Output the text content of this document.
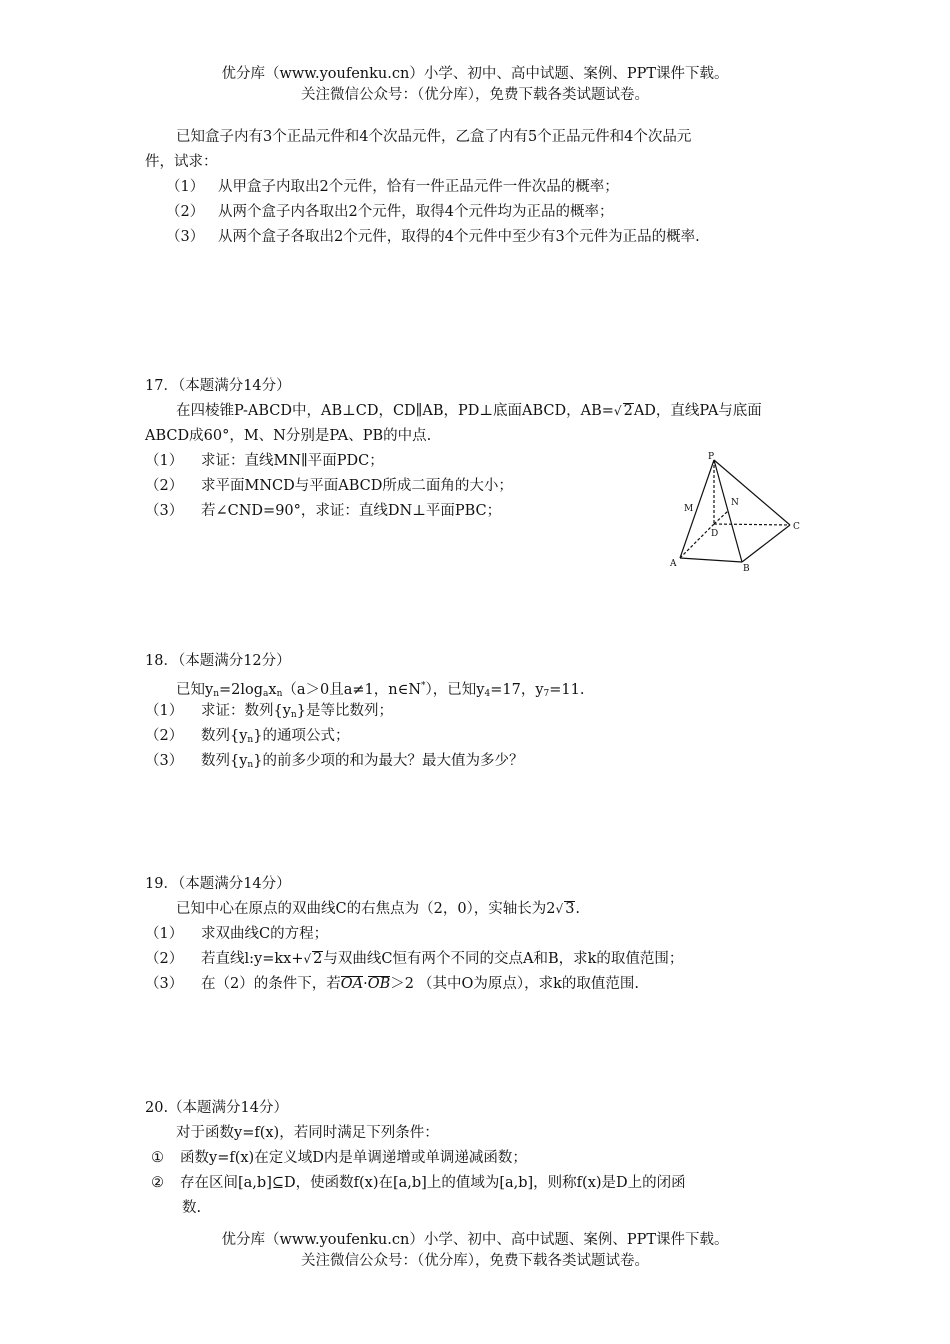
优分库（www.youfenku.cn）小学、初中、高中试题、案例、PPT课件下载。
关注微信公众号：（优分库），免费下载各类试题试卷。
已知盒子内有3个正品元件和4个次品元件，乙盒了内有5个正品元件和4个次品元
件，试求：
（1） 从甲盒子内取出2个元件，恰有一件正品元件一件次品的概率；
（2） 从两个盒子内各取出2个元件，取得4个元件均为正品的概率；
（3） 从两个盒子各取出2个元件，取得的4个元件中至少有3个元件为正品的概率.
17．（本题满分14分）
在四棱锥P-ABCD中，AB⊥CD，CD∥AB，PD⊥底面ABCD，AB=√ 2AD，直线PA与底面
ABCD成60°，M、N分别是PA、PB的中点.
（1） 求证：直线MN∥平面PDC；
（2） 求平面MNCD与平面ABCD所成二面角的大小；
（3） 若∠CND=90°，求证：直线DN⊥平面PBC；
P
M
N
D
C
A	B
18．（本题满分12分）
已知$y_n=2\log_ax_n(a>0$且a≠1，n∈N*），已知$y_4=17$，$y_7=11$.
（1） 求证：数列$\{y_n\}$是等比数列；
（2） 数列$\{y_n\}$的通项公式；
（3） 数列$\{y_n\}$的前多少项的和为最大？最大值为多少？
19．（本题满分14分）
已知中心在原点的双曲线C的右焦点为（2，0），实轴长为2√ 3.
（1） 求双曲线C的方程；
（2） 若直线l:y=kx+√ 2与双曲线C恒有两个不同的交点A和B，求k的取值范围；
（3） 在（2）的条件下，若OA·OB＞2 （其中O为原点），求k的取值范围.
20.（本题满分14分）
对于函数y=f(x)，若同时满足下列条件：
① 函数y=f(x)在定义域D内是单调递增或单调递减函数；
② 存在区间[a,b]⊆D，使函数f(x)在[a,b]上的值域为[a,b]，则称f(x)是D上的闭函
数.
优分库（www.youfenku.cn）小学、初中、高中试题、案例、PPT课件下载。
关注微信公众号：（优分库），免费下载各类试题试卷。
